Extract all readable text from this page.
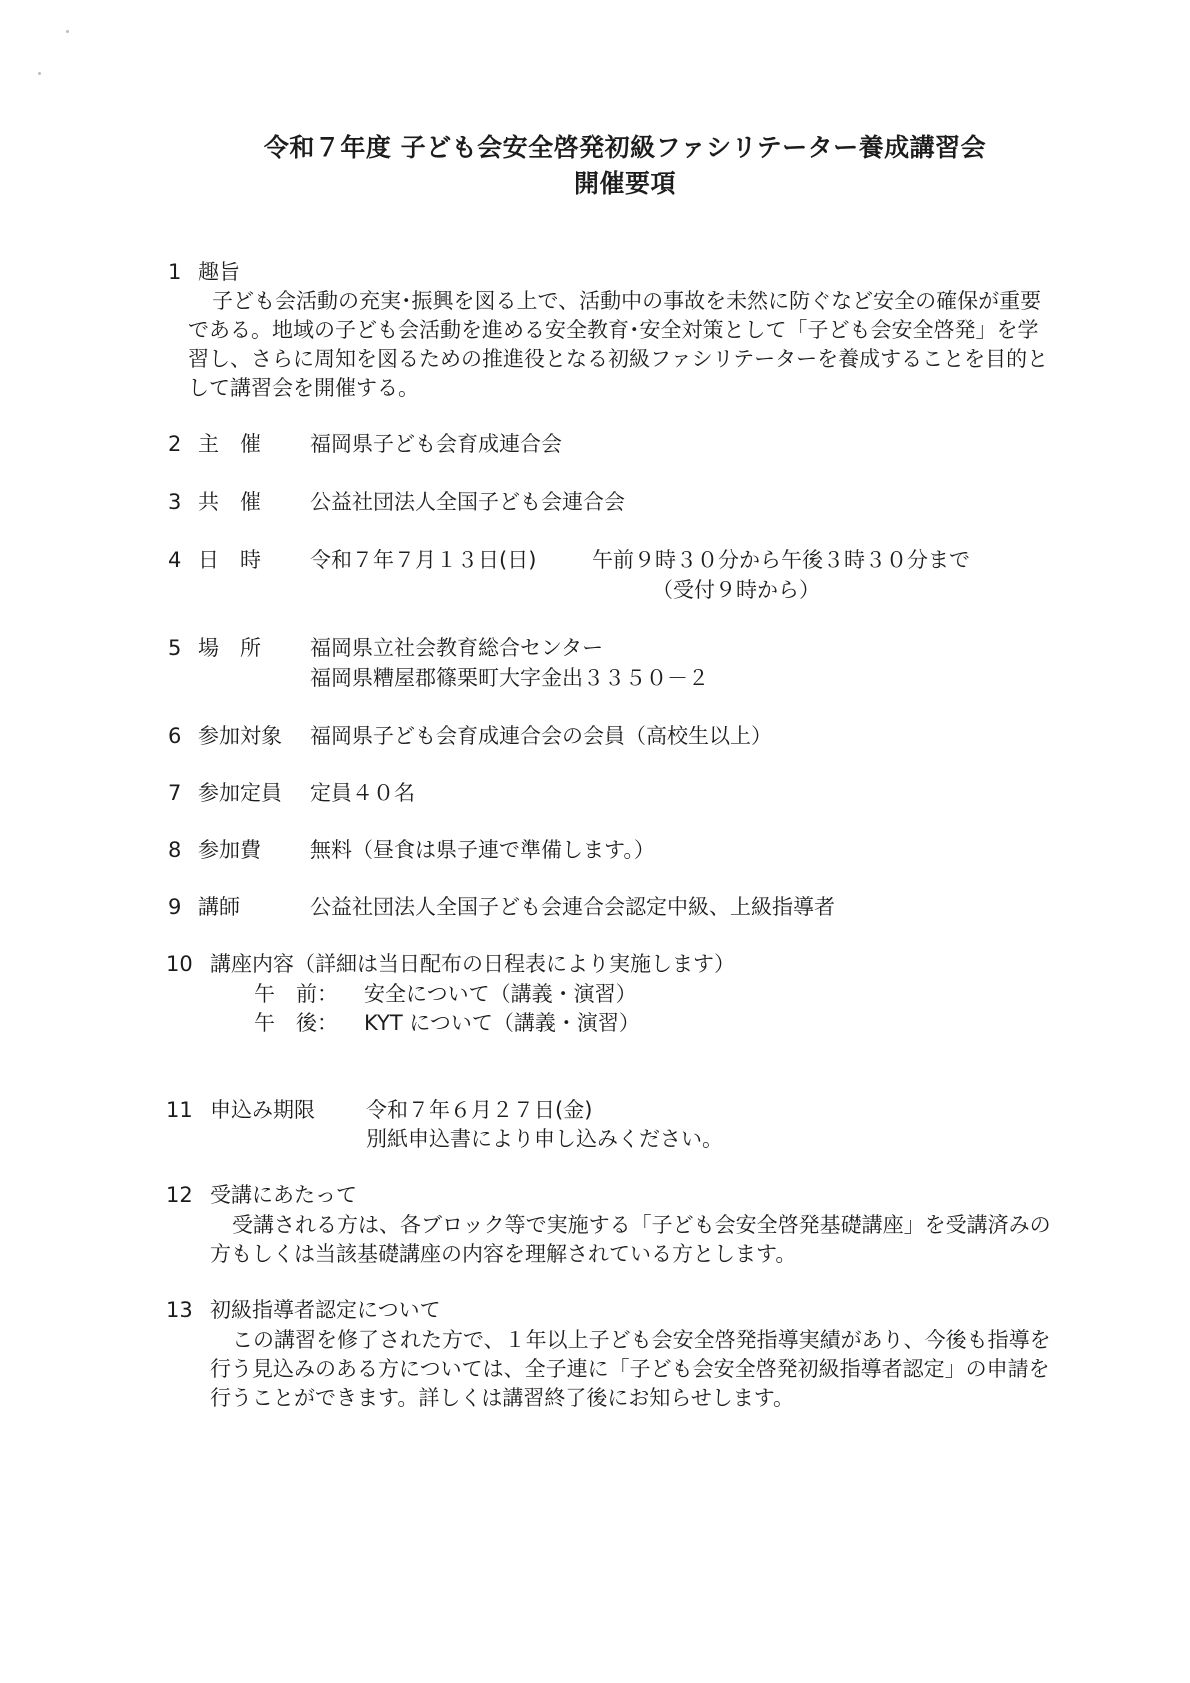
令和７年度 子ども会安全啓発初級ファシリテーター養成講習会
開催要項
1 趣旨
子ども会活動の充実･振興を図る上で、活動中の事故を未然に防ぐなど安全の確保が重要
である。地域の子ども会活動を進める安全教育･安全対策として「子ども会安全啓発」を学
習し、さらに周知を図るための推進役となる初級ファシリテーターを養成することを目的と
して講習会を開催する。
2 主　催 福岡県子ども会育成連合会
3 共　催 公益社団法人全国子ども会連合会
4 日　時 令和７年７月１３日(日)	午前９時３０分から午後３時３０分まで
（受付９時から）
5 場　所 福岡県立社会教育総合センター
福岡県糟屋郡篠栗町大字金出３３５０－２
6 参加対象 福岡県子ども会育成連合会の会員（高校生以上）
7 参加定員 定員４０名
8 参加費 無料（昼食は県子連で準備します。）
9 講師	公益社団法人全国子ども会連合会認定中級、上級指導者
10 講座内容（詳細は当日配布の日程表により実施します）
午　前： 安全について（講義・演習）
午　後： KYT について（講義・演習）
11 申込み期限 令和７年６月２７日(金)
別紙申込書により申し込みください。
12 受講にあたって
受講される方は、各ブロック等で実施する「子ども会安全啓発基礎講座」を受講済みの
方もしくは当該基礎講座の内容を理解されている方とします。
13 初級指導者認定について
この講習を修了された方で、１年以上子ども会安全啓発指導実績があり、今後も指導を
行う見込みのある方については、全子連に「子ども会安全啓発初級指導者認定」の申請を
行うことができます。詳しくは講習終了後にお知らせします。
